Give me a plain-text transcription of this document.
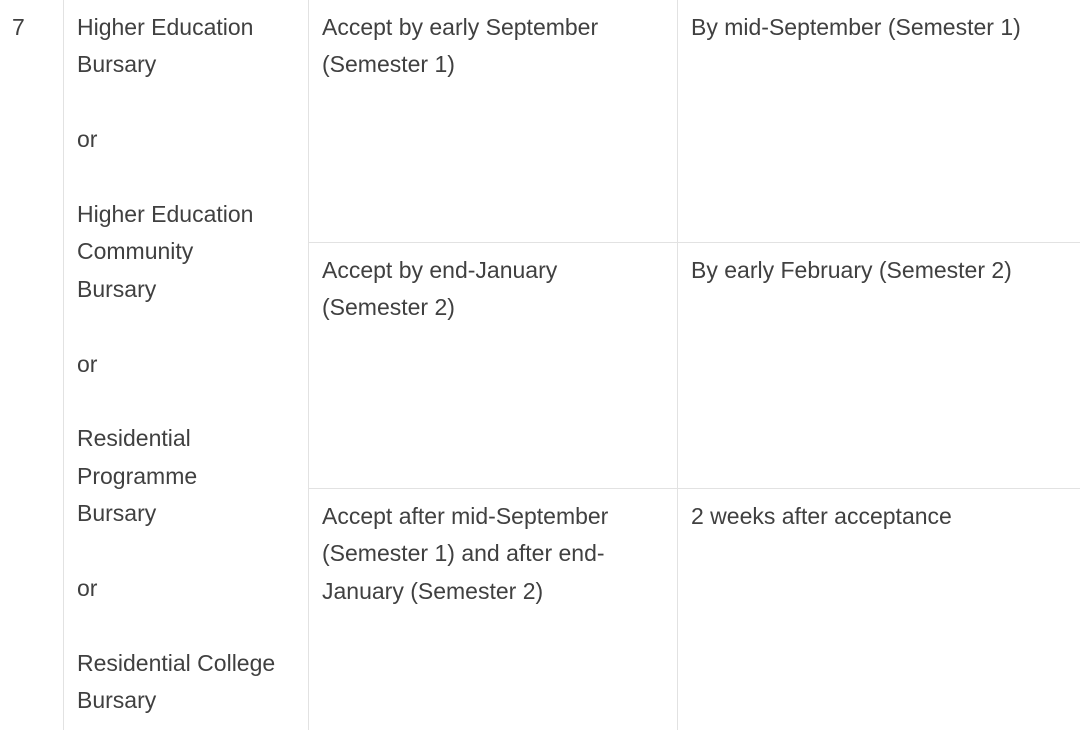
7 Higher Education
Bursary
or
Higher Education
Community
Bursary
or
Residential
Programme
Bursary
or
Residential College
Bursary
Accept by early September
(Semester 1)
By mid-September (Semester 1)
Accept by end-January
(Semester 2)
By early February (Semester 2)
Accept after mid-September
(Semester 1) and after end-
January (Semester 2)
2 weeks after acceptance
